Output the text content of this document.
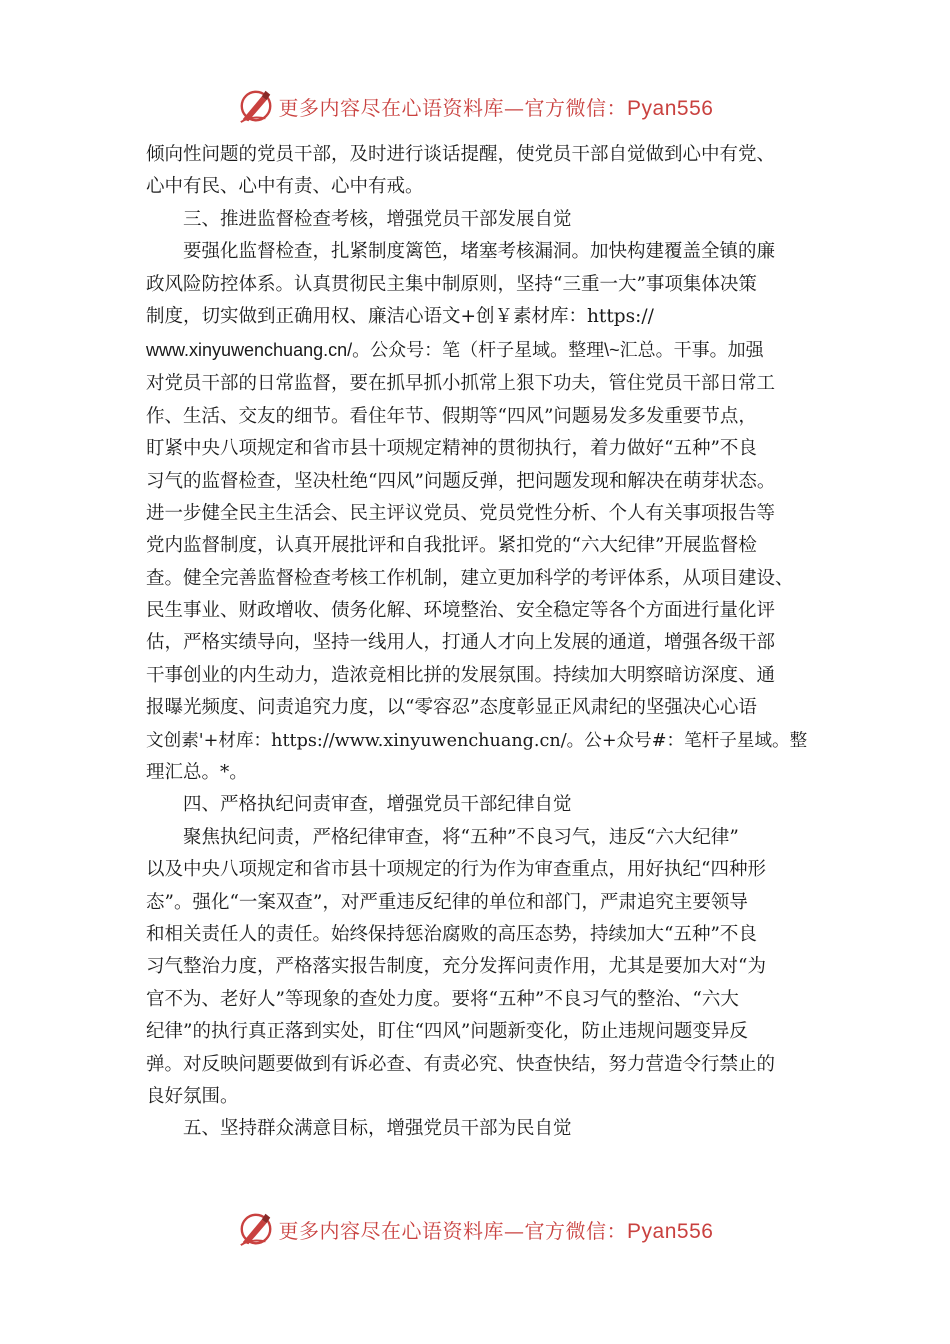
更多内容尽在心语资料库—官方微信：Pyan556
倾向性问题的党员干部，及时进行谈话提醒，使党员干部自觉做到心中有党、
心中有民、心中有责、心中有戒。
三、推进监督检查考核，增强党员干部发展自觉
要强化监督检查，扎紧制度篱笆，堵塞考核漏洞。加快构建覆盖全镇的廉
政风险防控体系。认真贯彻民主集中制原则，坚持“三重一大”事项集体决策
制度，切实做到正确用权、廉洁心语文+创￥素材库：https://
www.xinyuwenchuang.cn/。公众号：笔（杆子星域。整理\~汇总。干事。加强
对党员干部的日常监督，要在抓早抓小抓常上狠下功夫，管住党员干部日常工
作、生活、交友的细节。看住年节、假期等“四风”问题易发多发重要节点，
盯紧中央八项规定和省市县十项规定精神的贯彻执行，着力做好“五种”不良
习气的监督检查，坚决杜绝“四风”问题反弹，把问题发现和解决在萌芽状态。
进一步健全民主生活会、民主评议党员、党员党性分析、个人有关事项报告等
党内监督制度，认真开展批评和自我批评。紧扣党的“六大纪律”开展监督检
查。健全完善监督检查考核工作机制，建立更加科学的考评体系，从项目建设、
民生事业、财政增收、债务化解、环境整治、安全稳定等各个方面进行量化评
估，严格实绩导向，坚持一线用人，打通人才向上发展的通道，增强各级干部
干事创业的内生动力，造浓竞相比拼的发展氛围。持续加大明察暗访深度、通
报曝光频度、问责追究力度，以“零容忍”态度彰显正风肃纪的坚强决心心语
文创素'+材库：https://www.xinyuwenchuang.cn/。公+众号#：笔杆子星域。整
理汇总。*。
四、严格执纪问责审查，增强党员干部纪律自觉
聚焦执纪问责，严格纪律审查，将“五种”不良习气，违反“六大纪律”
以及中央八项规定和省市县十项规定的行为作为审查重点，用好执纪“四种形
态”。强化“一案双查”，对严重违反纪律的单位和部门，严肃追究主要领导
和相关责任人的责任。始终保持惩治腐败的高压态势，持续加大“五种”不良
习气整治力度，严格落实报告制度，充分发挥问责作用，尤其是要加大对“为
官不为、老好人”等现象的查处力度。要将“五种”不良习气的整治、“六大
纪律”的执行真正落到实处，盯住“四风”问题新变化，防止违规问题变异反
弹。对反映问题要做到有诉必查、有责必究、快查快结，努力营造令行禁止的
良好氛围。
五、坚持群众满意目标，增强党员干部为民自觉
更多内容尽在心语资料库—官方微信：Pyan556
